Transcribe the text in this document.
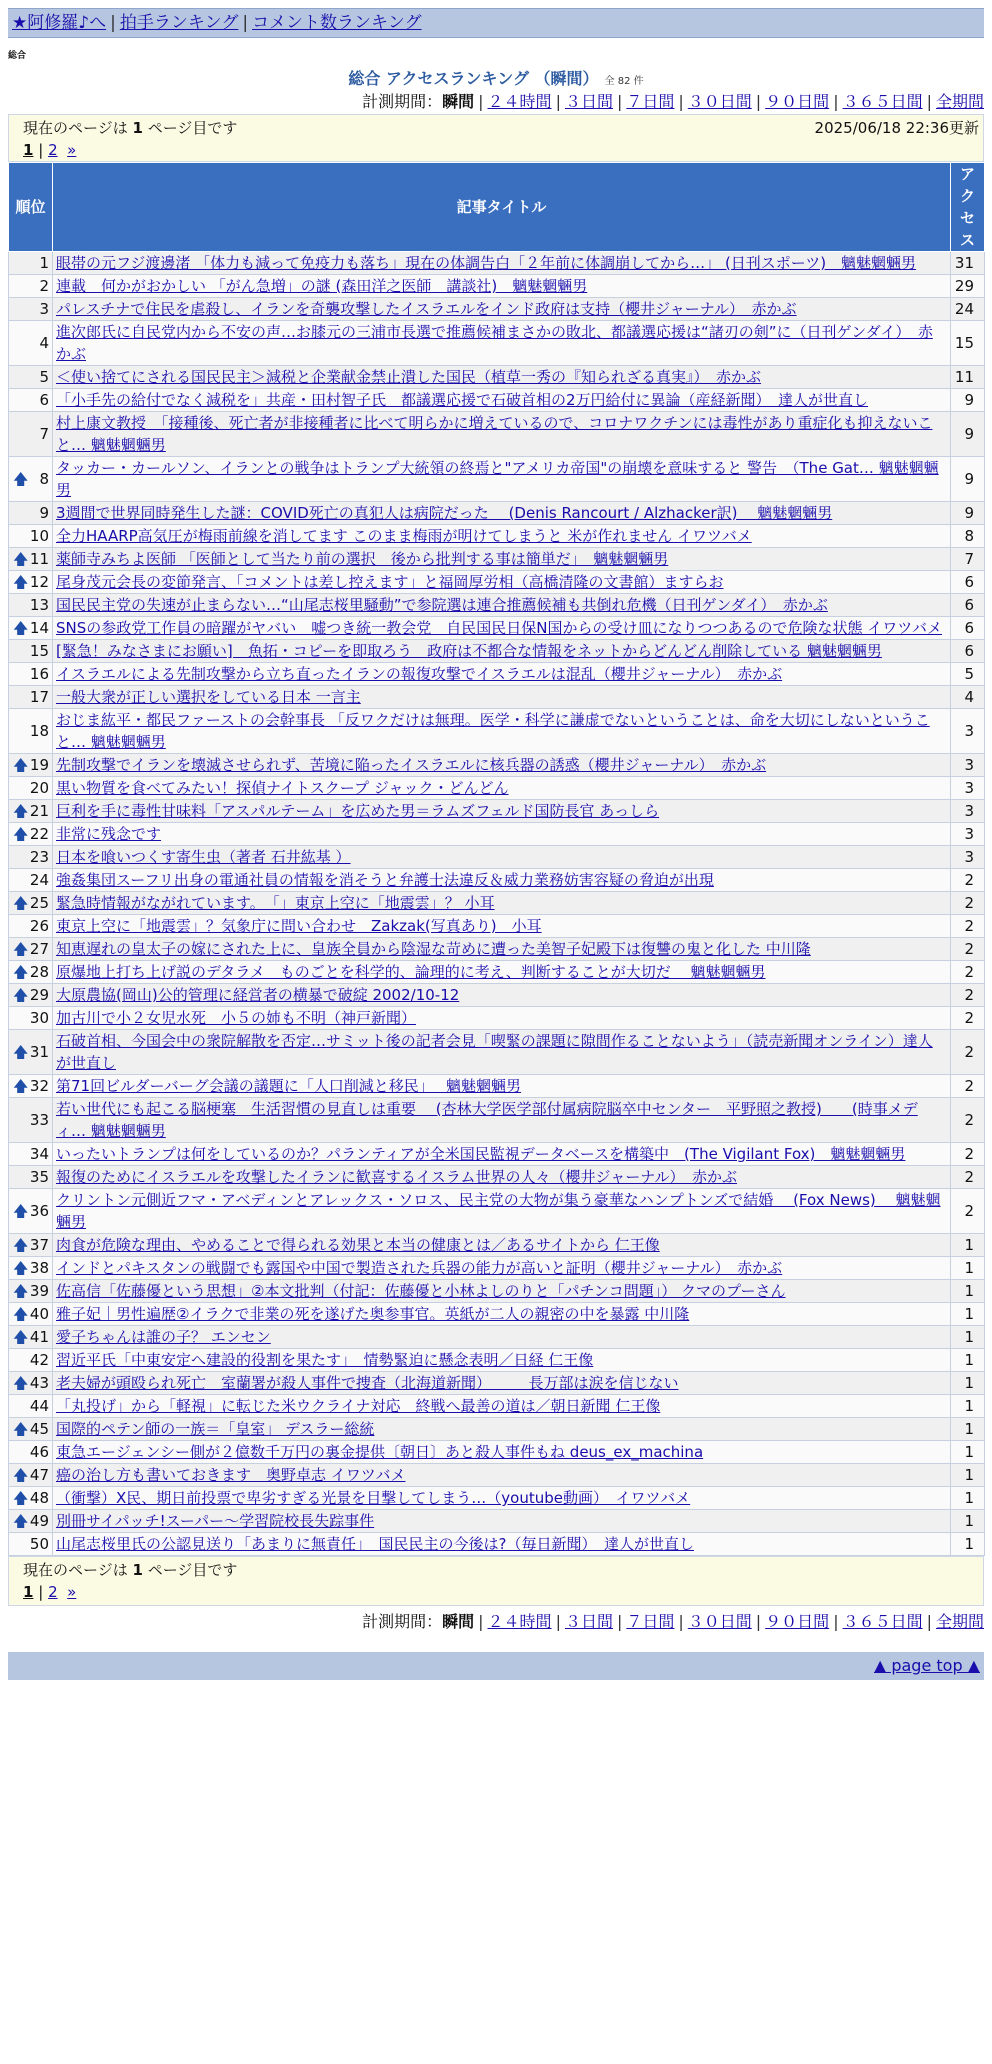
★阿修羅♪へ | 拍手ランキング | コメント数ランキング
総合
総合 アクセスランキング （瞬間） 全 82 件
計測期間：瞬間 | ２４時間 | ３日間 | ７日間 | ３０日間 | ９０日間 | ３６５日間 | 全期間
現在のページは 1 ページ目です	2025/06/18 22:36更新
1 | 2 »
順位	記事タイトル	アクセス
1	眼帯の元フジ渡邊渚 「体力も減って免疫力も落ち」現在の体調告白「２年前に体調崩してから…」 (日刊スポーツ)　魑魅魍魎男	31
2	連載　何かがおかしい 「がん急増」の謎 (森田洋之医師　講談社)　魑魅魍魎男	29
3	パレスチナで住民を虐殺し、イランを奇襲攻撃したイスラエルをインド政府は支持（櫻井ジャーナル）　赤かぶ	24
4	進次郎氏に自民党内から不安の声…お膝元の三浦市長選で推薦候補まさかの敗北、都議選応援は“諸刃の剣”に（日刊ゲンダイ）　赤かぶ	15
5	＜使い捨てにされる国民民主＞減税と企業献金禁止潰した国民（植草一秀の『知られざる真実』）　赤かぶ	11
6	「小手先の給付でなく減税を」共産・田村智子氏　都議選応援で石破首相の2万円給付に異論（産経新聞）　達人が世直し	9
7	村上康文教授　「接種後、死亡者が非接種者に比べて明らかに増えているので、コロナワクチンには毒性があり重症化も抑えないこと… 魑魅魍魎男	9

🡅 8	タッカー・カールソン、イランとの戦争はトランプ大統領の終焉と"アメリカ帝国"の崩壊を意味すると 警告　（The Gat… 魑魅魍魎男	9
9	3週間で世界同時発生した謎：COVID死亡の真犯人は病院だった　 (Denis Rancourt / Alzhacker訳)　 魑魅魍魎男	9
10	全力HAARP高気圧が梅雨前線を消してます このまま梅雨が明けてしまうと 米が作れません イワツバメ	8

🡅 11	薬師寺みちよ医師 「医師として当たり前の選択　後から批判する事は簡単だ」　魑魅魍魎男	7

🡅 12	尾身茂元会長の変節発言、「コメントは差し控えます」と福岡厚労相（高橋清隆の文書館）ますらお	6
13	国民民主党の失速が止まらない…“山尾志桜里騒動”で参院選は連合推薦候補も共倒れ危機（日刊ゲンダイ）　赤かぶ	6

🡅 14	SNSの参政党工作員の暗躍がヤバい　嘘つき統一教会党　自民国民日保N国からの受け皿になりつつあるので危険な状態 イワツバメ	6
15	[緊急！みなさまにお願い]　魚拓・コピーを即取ろう　政府は不都合な情報をネットからどんどん削除している 魑魅魍魎男	6
16	イスラエルによる先制攻撃から立ち直ったイランの報復攻撃でイスラエルは混乱（櫻井ジャーナル）　赤かぶ	5
17	一般大衆が正しい選択をしている日本 一言主	4
18	おじま紘平・都民ファーストの会幹事長 「反ワクだけは無理。医学・科学に謙虚でないということは、命を大切にしないということ… 魑魅魍魎男	3

🡅 19	先制攻撃でイランを壊滅させられず、苦境に陥ったイスラエルに核兵器の誘惑（櫻井ジャーナル）　赤かぶ	3
20	黒い物質を食べてみたい！探偵ナイトスクープ ジャック・どんどん	3

🡅 21	巨利を手に毒性甘味料「アスパルテーム」を広めた男＝ラムズフェルド国防長官 あっしら	3

🡅 22	非常に残念です	3
23	日本を喰いつくす寄生虫（著者 石井紘基 ）	3
24	強姦集団スーフリ出身の電通社員の情報を消そうと弁護士法違反＆威力業務妨害容疑の脅迫が出現	2

🡅 25	緊急時情報がながれています。　「」東京上空に「地震雲」？ 小耳	2
26	東京上空に「地震雲」？気象庁に問い合わせ　Zakzak(写真あり)　小耳	2

🡅 27	知恵遅れの皇太子の嫁にされた上に、皇族全員から陰湿な苛めに遭った美智子妃殿下は復讐の鬼と化した 中川隆	2

🡅 28	原爆地上打ち上げ説のデタラメ　ものごとを科学的、論理的に考え、判断することが大切だ　 魑魅魍魎男	2

🡅 29	大原農協(岡山)公的管理に経営者の横暴で破綻 2002/10-12	2
30	加古川で小２女児水死　小５の姉も不明（神戸新聞）	2

🡅 31	石破首相、今国会中の衆院解散を否定…サミット後の記者会見「喫緊の課題に隙間作ることないよう」（読売新聞オンライン）達人が世直し	2

🡅 32	第71回ビルダーバーグ会議の議題に「人口削減と移民」　 魑魅魍魎男	2
33	若い世代にも起こる脳梗塞　生活習慣の見直しは重要　 (杏林大学医学部付属病院脳卒中センター　平野照之教授)　　(時事メディ… 魑魅魍魎男	2
34	いったいトランプは何をしているのか？パランティアが全米国民監視データベースを構築中　(The Vigilant Fox)　魑魅魍魎男	2
35	報復のためにイスラエルを攻撃したイランに歓喜するイスラム世界の人々（櫻井ジャーナル）　赤かぶ	2

🡅 36	クリントン元側近フマ・アベディンとアレックス・ソロス、民主党の大物が集う豪華なハンプトンズで結婚　 (Fox News)　 魑魅魍魎男	2

🡅 37	肉食が危険な理由、やめることで得られる効果と本当の健康とは／あるサイトから 仁王像	1

🡅 38	インドとパキスタンの戦闘でも露国や中国で製造された兵器の能力が高いと証明（櫻井ジャーナル）　赤かぶ	1

🡅 39	佐高信「佐藤優という思想」②本文批判（付記：佐藤優と小林よしのりと「パチンコ問題」） クマのプーさん	1

🡅 40	雅子妃｜男性遍歴②イラクで非業の死を遂げた奥参事官。英紙が二人の親密の中を暴露 中川隆	1

🡅 41	愛子ちゃんは誰の子？ エンセン	1
42	習近平氏「中東安定へ建設的役割を果たす」　情勢緊迫に懸念表明／日経 仁王像	1

🡅 43	老夫婦が頭殴られ死亡　室蘭署が殺人事件で捜査（北海道新聞）　　　長万部は涙を信じない	1
44	「丸投げ」から「軽視」に転じた米ウクライナ対応　終戦へ最善の道は／朝日新聞 仁王像	1

🡅 45	国際的ペテン師の一族＝「皇室」 デスラー総統	1
46	東急エージェンシー側が２億数千万円の裏金提供〔朝日〕あと殺人事件もね deus_ex_machina	1

🡅 47	癌の治し方も書いておきます　奥野卓志 イワツバメ	1

🡅 48	（衝撃）X民、期日前投票で卑劣すぎる光景を目撃してしまう…（youtube動画）　イワツバメ	1

🡅 49	別冊サイパッチ!スーパー～学習院校長失踪事件	1
50	山尾志桜里氏の公認見送り「あまりに無責任」　国民民主の今後は?（毎日新聞）　達人が世直し	1
現在のページは 1 ページ目です
1 | 2 »
計測期間：瞬間 | ２４時間 | ３日間 | ７日間 | ３０日間 | ９０日間 | ３６５日間 | 全期間
▲ page top ▲
